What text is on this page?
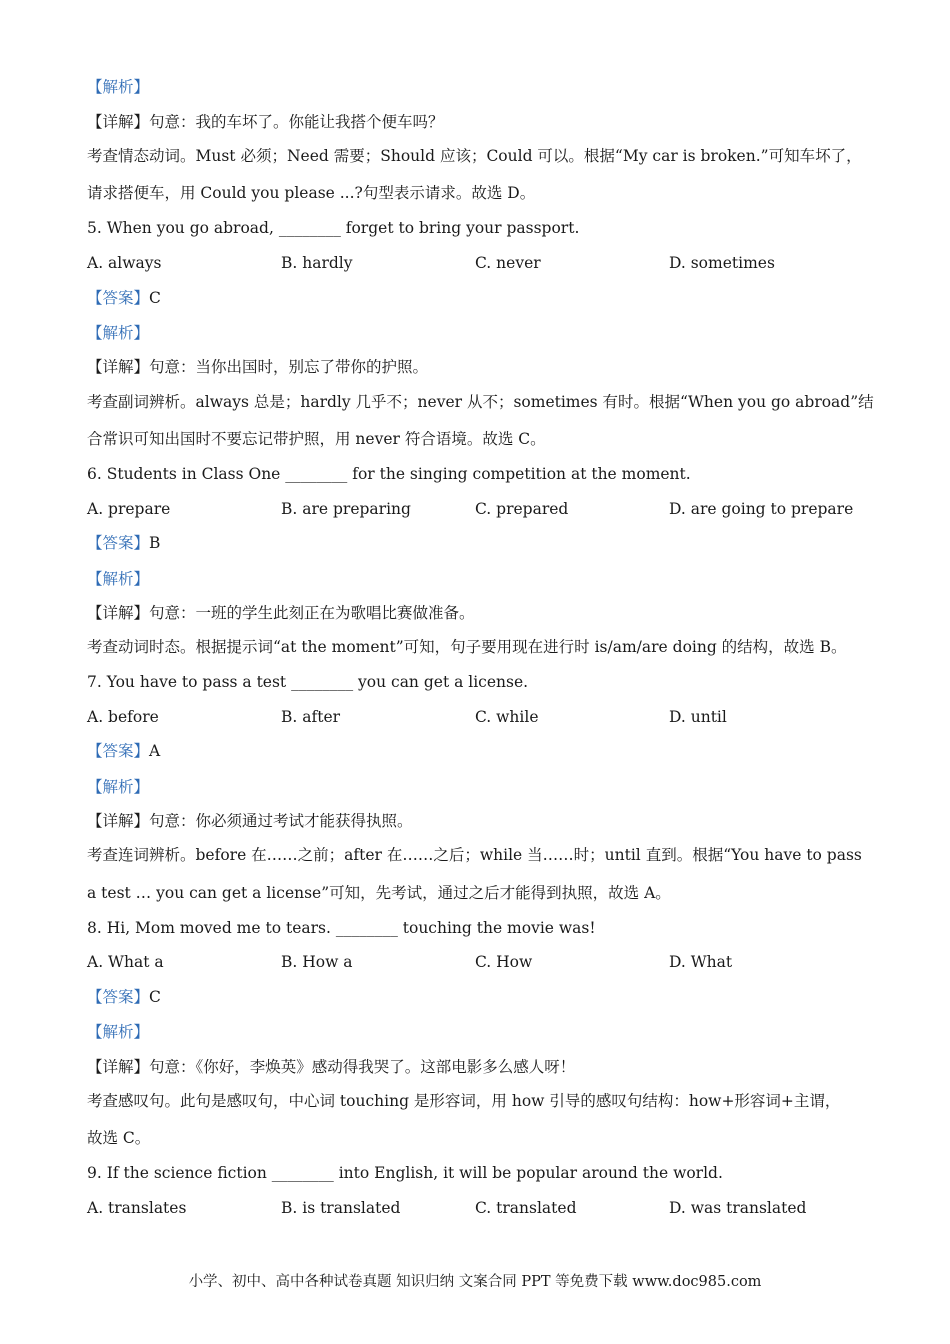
【解析】
【详解】句意：我的车坏了。你能让我搭个便车吗？
考查情态动词。Must 必须；Need 需要；Should 应该；Could 可以。根据“My car is broken.”可知车坏了，
请求搭便车，用 Could you please ...?句型表示请求。故选 D。
5. When you go abroad, ________ forget to bring your passport.
A. always	B. hardly	C. never	D. sometimes
【答案】C
【解析】
【详解】句意：当你出国时，别忘了带你的护照。
考查副词辨析。always 总是；hardly 几乎不；never 从不；sometimes 有时。根据“When you go abroad”结
合常识可知出国时不要忘记带护照，用 never 符合语境。故选 C。
6. Students in Class One ________ for the singing competition at the moment.
A. prepare	B. are preparing	C. prepared	D. are going to prepare
【答案】B
【解析】
【详解】句意：一班的学生此刻正在为歌唱比赛做准备。
考查动词时态。根据提示词“at the moment”可知，句子要用现在进行时 is/am/are doing 的结构，故选 B。
7. You have to pass a test ________ you can get a license.
A. before	B. after	C. while	D. until
【答案】A
【解析】
【详解】句意：你必须通过考试才能获得执照。
考查连词辨析。before 在……之前；after 在……之后；while 当……时；until 直到。根据“You have to pass
a test … you can get a license”可知，先考试，通过之后才能得到执照，故选 A。
8. Hi, Mom moved me to tears. ________ touching the movie was!
A. What a	B. How a	C. How	D. What
【答案】C
【解析】
【详解】句意：《你好，李焕英》感动得我哭了。这部电影多么感人呀！
考查感叹句。此句是感叹句，中心词 touching 是形容词，用 how 引导的感叹句结构：how+形容词+主谓，
故选 C。
9. If the science fiction ________ into English, it will be popular around the world.
A. translates	B. is translated	C. translated	D. was translated
小学、初中、高中各种试卷真题 知识归纳 文案合同 PPT 等免费下载 www.doc985.com
